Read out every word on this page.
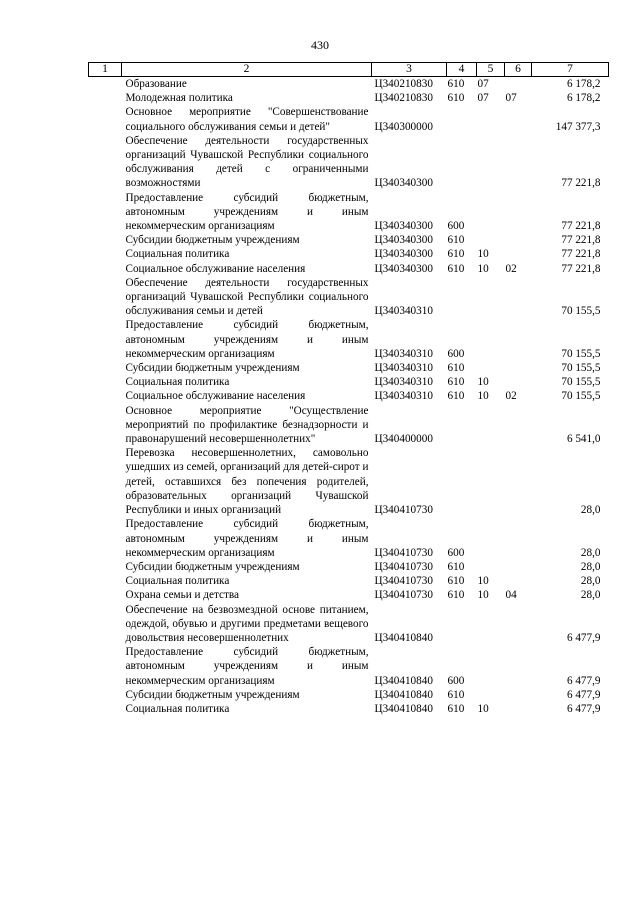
430
1	2	3	4	5	6	7
	Образование	Ц340210830	610	07		6 178,2
	Молодежная политика	Ц340210830	610	07	07	6 178,2
	Основное мероприятие "Совершенствование социального обслуживания семьи и детей"	Ц340300000				147 377,3
	Обеспечение деятельности государственных организаций Чувашской Республики социального обслуживания детей с ограниченными возможностями	Ц340340300				77 221,8
	Предоставление субсидий бюджетным, автономным учреждениям и иным некоммерческим организациям	Ц340340300	600			77 221,8
	Субсидии бюджетным учреждениям	Ц340340300	610			77 221,8
	Социальная политика	Ц340340300	610	10		77 221,8
	Социальное обслуживание населения	Ц340340300	610	10	02	77 221,8
	Обеспечение деятельности государственных организаций Чувашской Республики социального обслуживания семьи и детей	Ц340340310				70 155,5
	Предоставление субсидий бюджетным, автономным учреждениям и иным некоммерческим организациям	Ц340340310	600			70 155,5
	Субсидии бюджетным учреждениям	Ц340340310	610			70 155,5
	Социальная политика	Ц340340310	610	10		70 155,5
	Социальное обслуживание населения	Ц340340310	610	10	02	70 155,5
	Основное мероприятие "Осуществление мероприятий по профилактике безнадзорности и правонарушений несовершеннолетних"	Ц340400000				6 541,0
	Перевозка несовершеннолетних, самовольно ушедших из семей, организаций для детей-сирот и детей, оставшихся без попечения родителей, образовательных организаций Чувашской Республики и иных организаций	Ц340410730				28,0
	Предоставление субсидий бюджетным, автономным учреждениям и иным некоммерческим организациям	Ц340410730	600			28,0
	Субсидии бюджетным учреждениям	Ц340410730	610			28,0
	Социальная политика	Ц340410730	610	10		28,0
	Охрана семьи и детства	Ц340410730	610	10	04	28,0
	Обеспечение на безвозмездной основе питанием, одеждой, обувью и другими предметами вещевого довольствия несовершеннолетних	Ц340410840				6 477,9
	Предоставление субсидий бюджетным, автономным учреждениям и иным некоммерческим организациям	Ц340410840	600			6 477,9
	Субсидии бюджетным учреждениям	Ц340410840	610			6 477,9
	Социальная политика	Ц340410840	610	10		6 477,9
